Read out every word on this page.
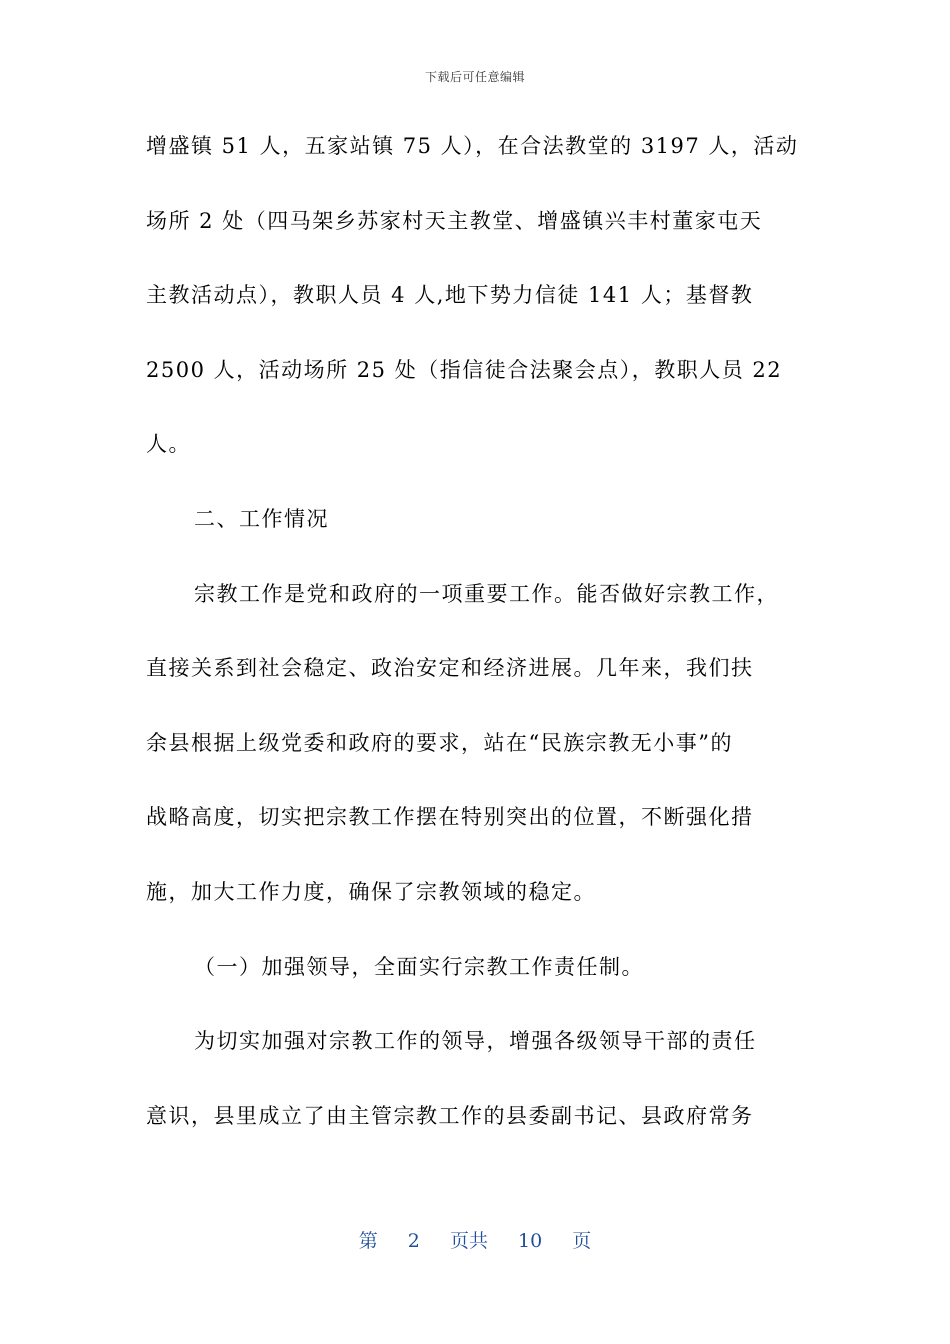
下载后可任意编辑
增盛镇 51 人，五家站镇 75 人），在合法教堂的 3197 人，活动
场所 2 处（四马架乡苏家村天主教堂、增盛镇兴丰村董家屯天
主教活动点），教职人员 4 人,地下势力信徒 141 人；基督教
2500 人，活动场所 25 处（指信徒合法聚会点），教职人员 22
人。
二、工作情况
宗教工作是党和政府的一项重要工作。能否做好宗教工作，
直接关系到社会稳定、政治安定和经济进展。几年来，我们扶
余县根据上级党委和政府的要求，站在“民族宗教无小事”的
战略高度，切实把宗教工作摆在特别突出的位置，不断强化措
施，加大工作力度，确保了宗教领域的稳定。
（一）加强领导，全面实行宗教工作责任制。
为切实加强对宗教工作的领导，增强各级领导干部的责任
意识，县里成立了由主管宗教工作的县委副书记、县政府常务
第 2 页共 10 页
